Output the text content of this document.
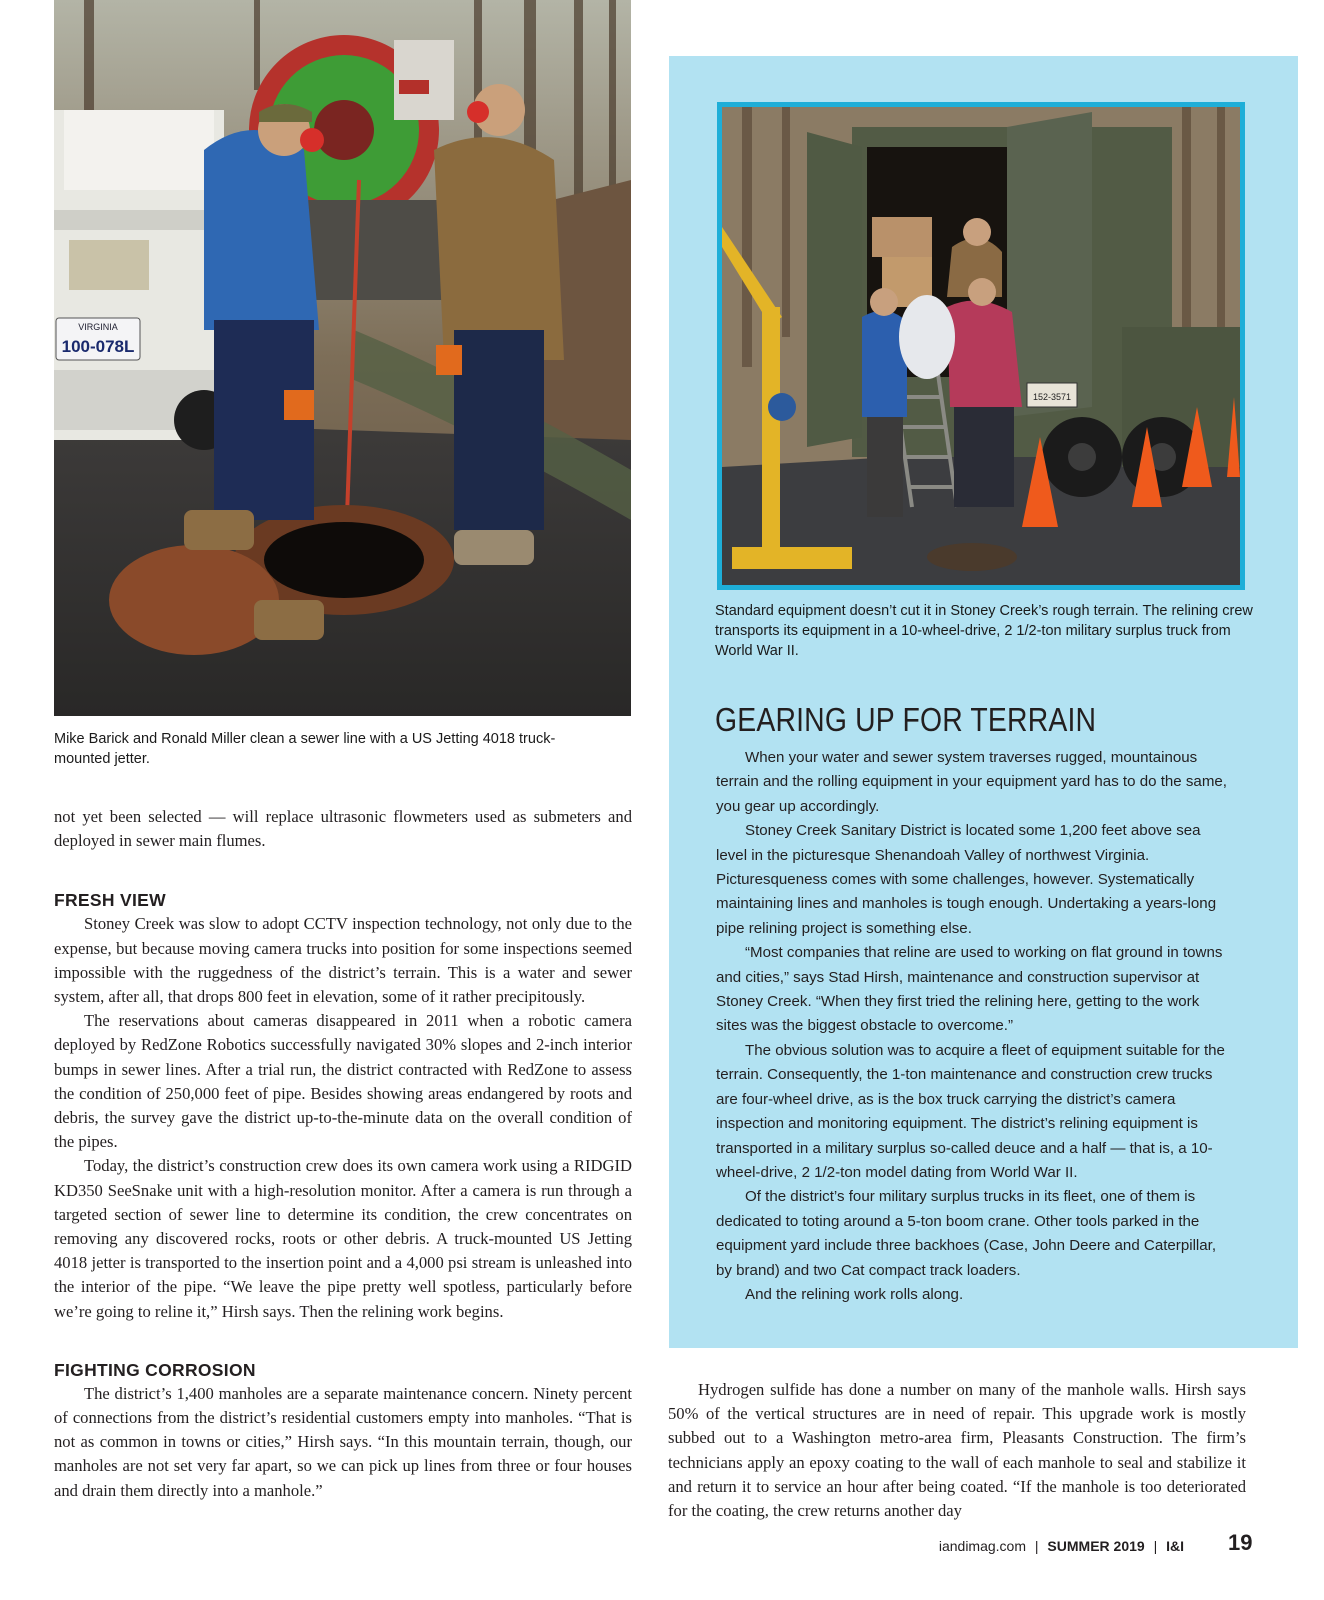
VIRGINIA
100-078L
Mike Barick and Ronald Miller clean a sewer line with a US Jetting 4018 truck-mounted jetter.

not yet been selected — will replace ultrasonic flowmeters used as submeters and deployed in sewer main flumes.

FRESH VIEW

Stoney Creek was slow to adopt CCTV inspection technology, not only due to the expense, but because moving camera trucks into position for some inspections seemed impossible with the ruggedness of the district’s terrain. This is a water and sewer system, after all, that drops 800 feet in elevation, some of it rather precipitously.

The reservations about cameras disappeared in 2011 when a robotic camera deployed by RedZone Robotics successfully navigated 30% slopes and 2-inch interior bumps in sewer lines. After a trial run, the district contracted with RedZone to assess the condition of 250,000 feet of pipe. Besides showing areas endangered by roots and debris, the survey gave the district up-to-the-minute data on the overall condition of the pipes.

Today, the district’s construction crew does its own camera work using a RIDGID KD350 SeeSnake unit with a high-resolution monitor. After a camera is run through a targeted section of sewer line to determine its condition, the crew concentrates on removing any discovered rocks, roots or other debris. A truck-mounted US Jetting 4018 jetter is transported to the insertion point and a 4,000 psi stream is unleashed into the interior of the pipe. “We leave the pipe pretty well spotless, particularly before we’re going to reline it,” Hirsh says. Then the relining work begins.

FIGHTING CORROSION

The district’s 1,400 manholes are a separate maintenance concern. Ninety percent of connections from the district’s residential customers empty into manholes. “That is not as common in towns or cities,” Hirsh says. “In this mountain terrain, though, our manholes are not set very far apart, so we can pick up lines from three or four houses and drain them directly into a manhole.”

152-3571
Standard equipment doesn’t cut it in Stoney Creek’s rough terrain. The relining crew transports its equipment in a 10-wheel-drive, 2 1/2-ton military surplus truck from World War II.
GEARING UP FOR TERRAIN

When your water and sewer system traverses rugged, mountainous terrain and the rolling equipment in your equipment yard has to do the same, you gear up accordingly.

Stoney Creek Sanitary District is located some 1,200 feet above sea level in the picturesque Shenandoah Valley of northwest Virginia. Picturesqueness comes with some challenges, however. Systematically maintaining lines and manholes is tough enough. Undertaking a years-long pipe relining project is something else.

“Most companies that reline are used to working on flat ground in towns and cities,” says Stad Hirsh, maintenance and construction supervisor at Stoney Creek. “When they first tried the relining here, getting to the work sites was the biggest obstacle to overcome.”

The obvious solution was to acquire a fleet of equipment suitable for the terrain. Consequently, the 1-ton maintenance and construction crew trucks are four-wheel drive, as is the box truck carrying the district’s camera inspection and monitoring equipment. The district’s relining equipment is transported in a military surplus so-called deuce and a half — that is, a 10-wheel-drive, 2 1/2-ton model dating from World War II.

Of the district’s four military surplus trucks in its fleet, one of them is dedicated to toting around a 5-ton boom crane. Other tools parked in the equipment yard include three backhoes (Case, John Deere and Caterpillar, by brand) and two Cat compact track loaders.

And the relining work rolls along.

Hydrogen sulfide has done a number on many of the manhole walls. Hirsh says 50% of the vertical structures are in need of repair. This upgrade work is mostly subbed out to a Washington metro-area firm, Pleasants Construction. The firm’s technicians apply an epoxy coating to the wall of each manhole to seal and stabilize it and return it to service an hour after being coated. “If the manhole is too deteriorated for the coating, the crew returns another day

iandimag.com | SUMMER 2019 | I&I 19
